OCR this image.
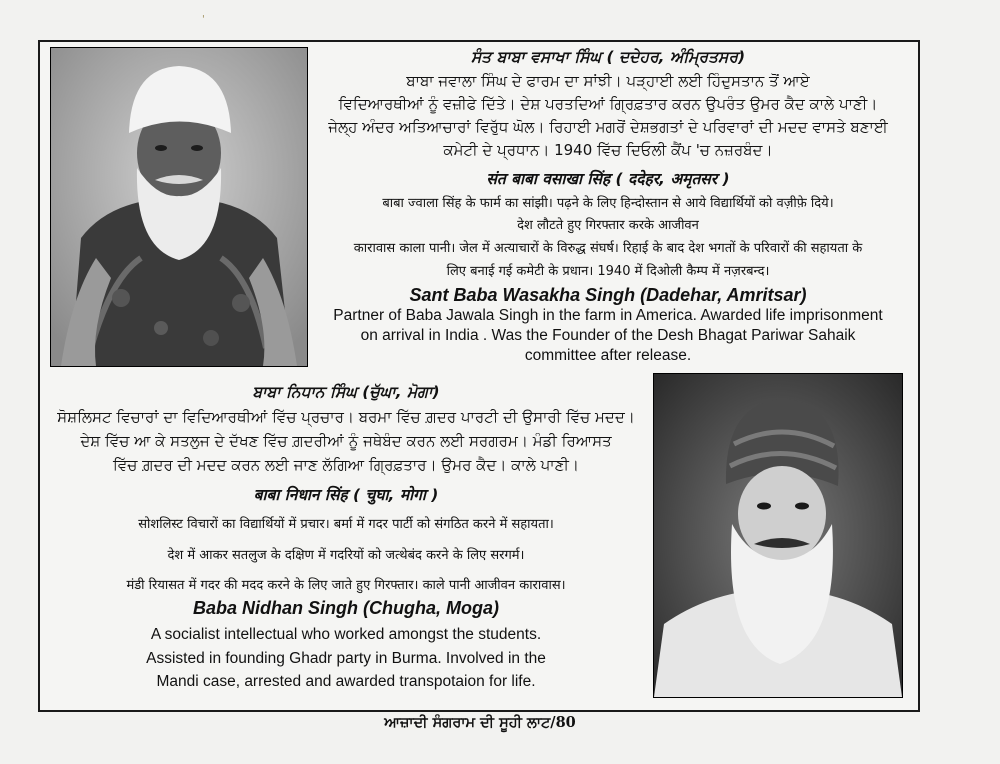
'
ਸੰਤ ਬਾਬਾ ਵਸਾਖਾ ਸਿੰਘ ( ਦਦੇਹਰ, ਅੰਮ੍ਰਿਤਸਰ)
ਬਾਬਾ ਜਵਾਲਾ ਸਿੰਘ ਦੇ ਫਾਰਮ ਦਾ ਸਾਂਝੀ। ਪੜ੍ਹਾਈ ਲਈ ਹਿੰਦੁਸਤਾਨ ਤੋਂ ਆਏ
ਵਿਦਿਆਰਥੀਆਂ ਨੂੰ ਵਜ਼ੀਫੇ ਦਿੱਤੇ। ਦੇਸ਼ ਪਰਤਦਿਆਂ ਗ੍ਰਿਫ਼ਤਾਰ ਕਰਨ ਉਪਰੰਤ ਉਮਰ ਕੈਦ ਕਾਲੇ ਪਾਣੀ।
ਜੇਲ੍ਹ ਅੰਦਰ ਅਤਿਆਚਾਰਾਂ ਵਿਰੁੱਧ ਘੋਲ। ਰਿਹਾਈ ਮਗਰੋਂ ਦੇਸ਼ਭਗਤਾਂ ਦੇ ਪਰਿਵਾਰਾਂ ਦੀ ਮਦਦ ਵਾਸਤੇ ਬਣਾਈ
ਕਮੇਟੀ ਦੇ ਪ੍ਰਧਾਨ। 1940 ਵਿੱਚ ਦਿਓਲੀ ਕੈਂਪ 'ਚ ਨਜ਼ਰਬੰਦ।
संत बाबा वसाखा सिंह ( ददेहर, अमृतसर )
बाबा ज्वाला सिंह के फार्म का सांझी। पढ़ने के लिए हिन्दोस्तान से आये विद्यार्थियों को वज़ीफ़े दिये।
देश लौटते हुए गिरफ्तार करके आजीवन
कारावास काला पानी। जेल में अत्याचारों के विरुद्ध संघर्ष। रिहाई के बाद देश भगतों के परिवारों की सहायता के
लिए बनाई गई कमेटी के प्रधान। 1940 में दिओली कैम्प में नज़रबन्द।
Sant Baba Wasakha Singh (Dadehar, Amritsar)
Partner of Baba Jawala Singh in the farm in America. Awarded life imprisonment
on arrival in India . Was the Founder of the Desh Bhagat Pariwar Sahaik
committee after release.
ਬਾਬਾ ਨਿਧਾਨ ਸਿੰਘ (ਚੁੱਘਾ, ਮੋਗਾ)
ਸੋਸ਼ਲਿਸਟ ਵਿਚਾਰਾਂ ਦਾ ਵਿਦਿਆਰਥੀਆਂ ਵਿੱਚ ਪ੍ਰਚਾਰ। ਬਰਮਾ ਵਿੱਚ ਗ਼ਦਰ ਪਾਰਟੀ ਦੀ ਉਸਾਰੀ ਵਿੱਚ ਮਦਦ।
ਦੇਸ਼ ਵਿੱਚ ਆ ਕੇ ਸਤਲੁਜ ਦੇ ਦੱਖਣ ਵਿੱਚ ਗ਼ਦਰੀਆਂ ਨੂੰ ਜਥੇਬੰਦ ਕਰਨ ਲਈ ਸਰਗਰਮ। ਮੰਡੀ ਰਿਆਸਤ
ਵਿੱਚ ਗ਼ਦਰ ਦੀ ਮਦਦ ਕਰਨ ਲਈ ਜਾਣ ਲੱਗਿਆ ਗ੍ਰਿਫ਼ਤਾਰ। ਉਮਰ ਕੈਦ। ਕਾਲੇ ਪਾਣੀ।
बाबा निधान सिंह ( चुघा, मोगा )
सोशलिस्ट विचारों का विद्यार्थियों में प्रचार। बर्मा में गदर पार्टी को संगठित करने में सहायता।
देश में आकर सतलुज के दक्षिण में गदरियों को जत्थेबंद करने के लिए सरगर्म।
मंडी रियासत में गदर की मदद करने के लिए जाते हुए गिरफ्तार। काले पानी आजीवन कारावास।
Baba Nidhan Singh (Chugha, Moga)
A socialist intellectual who worked amongst the students.
Assisted in founding Ghadr party in Burma. Involved in the
Mandi case, arrested and awarded transpotaion for life.
ਆਜ਼ਾਦੀ ਸੰਗਰਾਮ ਦੀ ਸੂਹੀ ਲਾਟ/80
